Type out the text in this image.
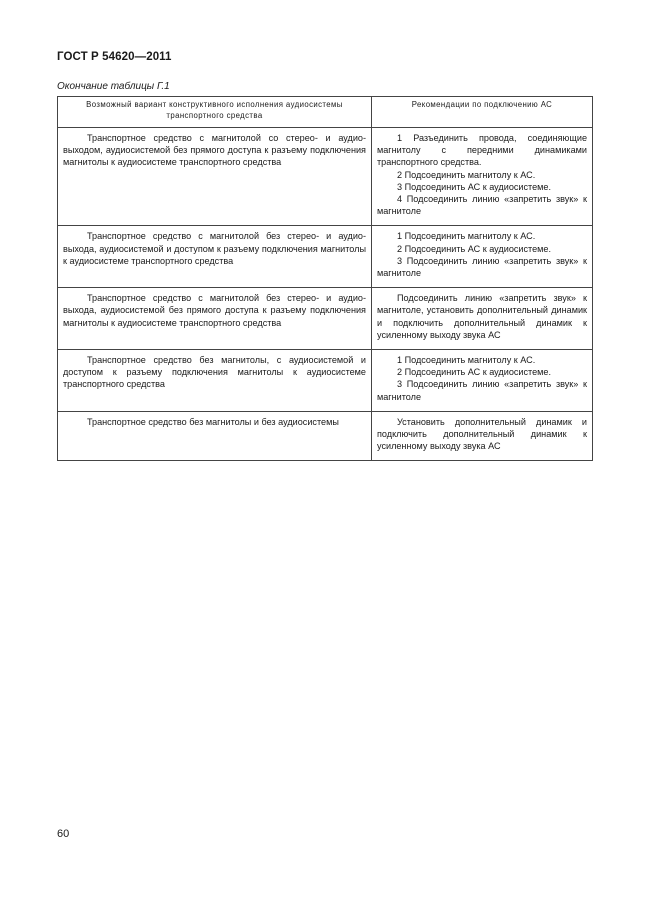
ГОСТ Р 54620—2011
Окончание таблицы Г.1
Возможный вариант конструктивного исполнения аудиосистемы транспортного средства	Рекомендации по подключению АС

Транспортное средство с магнитолой со стерео- и аудио-выходом, аудиосистемой без прямого доступа к разъему подключения магнитолы к аудиосистеме транспортного средства	1 Разъединить провода, соединяющие магнитолу с передними динамиками транспортного средства.

2 Подсоединить магнитолу к АС.

3 Подсоединить АС к аудиосистеме.

4 Подсоединить линию «запретить звук» к магнитоле

Транспортное средство с магнитолой без стерео- и аудио-выхода, аудиосистемой и доступом к разъему подключения магнитолы к аудиосистеме транспортного средства	1 Подсоединить магнитолу к АС.

2 Подсоединить АС к аудиосистеме.

3 Подсоединить линию «запретить звук» к магнитоле

Транспортное средство с магнитолой без стерео- и аудио-выхода, аудиосистемой без прямого доступа к разъему подключения магнитолы к аудиосистеме транспортного средства	Подсоединить линию «запретить звук» к магнитоле, установить дополнительный динамик и подключить дополнительный динамик к усиленному выходу звука АС

Транспортное средство без магнитолы, с аудиосистемой и доступом к разъему подключения магнитолы к аудиосистеме транспортного средства	1 Подсоединить магнитолу к АС.

2 Подсоединить АС к аудиосистеме.

3 Подсоединить линию «запретить звук» к магнитоле

Транспортное средство без магнитолы и без аудиосистемы	Установить дополнительный динамик и подключить дополнительный динамик к усиленному выходу звука АС

60
